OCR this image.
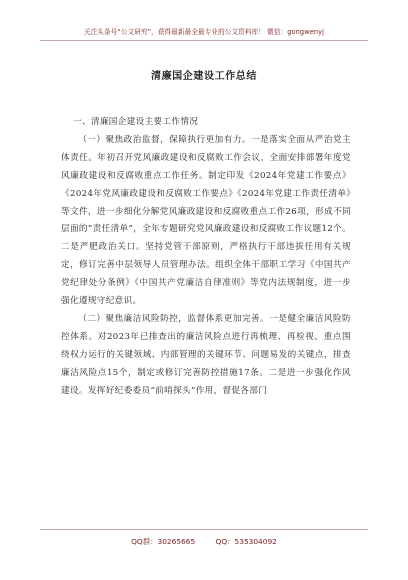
关注头条号“公文研究”，获得最新最全最专业的公文资料库！ 微信：gongwenyj
清廉国企建设工作总结

一、清廉国企建设主要工作情况

（一）聚焦政治监督，保障执行更加有力。一是落实全面从严治党主体责任。年初召开党风廉政建设和反腐败工作会议，全面安排部署年度党风廉政建设和反腐败重点工作任务。制定印发《2024年党建工作要点》《2024年党风廉政建设和反腐败工作要点》《2024年党建工作责任清单》等文件，进一步细化分解党风廉政建设和反腐败重点工作26项，形成不同层面的“责任清单”，全年专题研究党风廉政建设和反腐败工作议题12个。二是严肥政治关口。坚持党管干部原则，严格执行干部违拔任用有关规定，修订完善中层领导人员管理办法。组织全体干部职工学习《中国共产党纪律处分条例》《中国共产党廉洁自律准则》等党内法规制度，进一步强化遵规守纪意识。

（二）聚焦廉洁风险防控，监督体系更加完善。一是健全廉洁风险防控体系。对2023年已排查出的廉洁风险点进行再梳理、再检视，重点围绕权力运行的关键领域、内部管理的关键环节、问题易发的关键点，排查廉洁风险点15个，制定或修订完善防控措施17条。二是进一步强化作风建设。发挥好纪委委员“前哨探头”作用，督促各部门

QQ群：30265665	QQ：535304092
